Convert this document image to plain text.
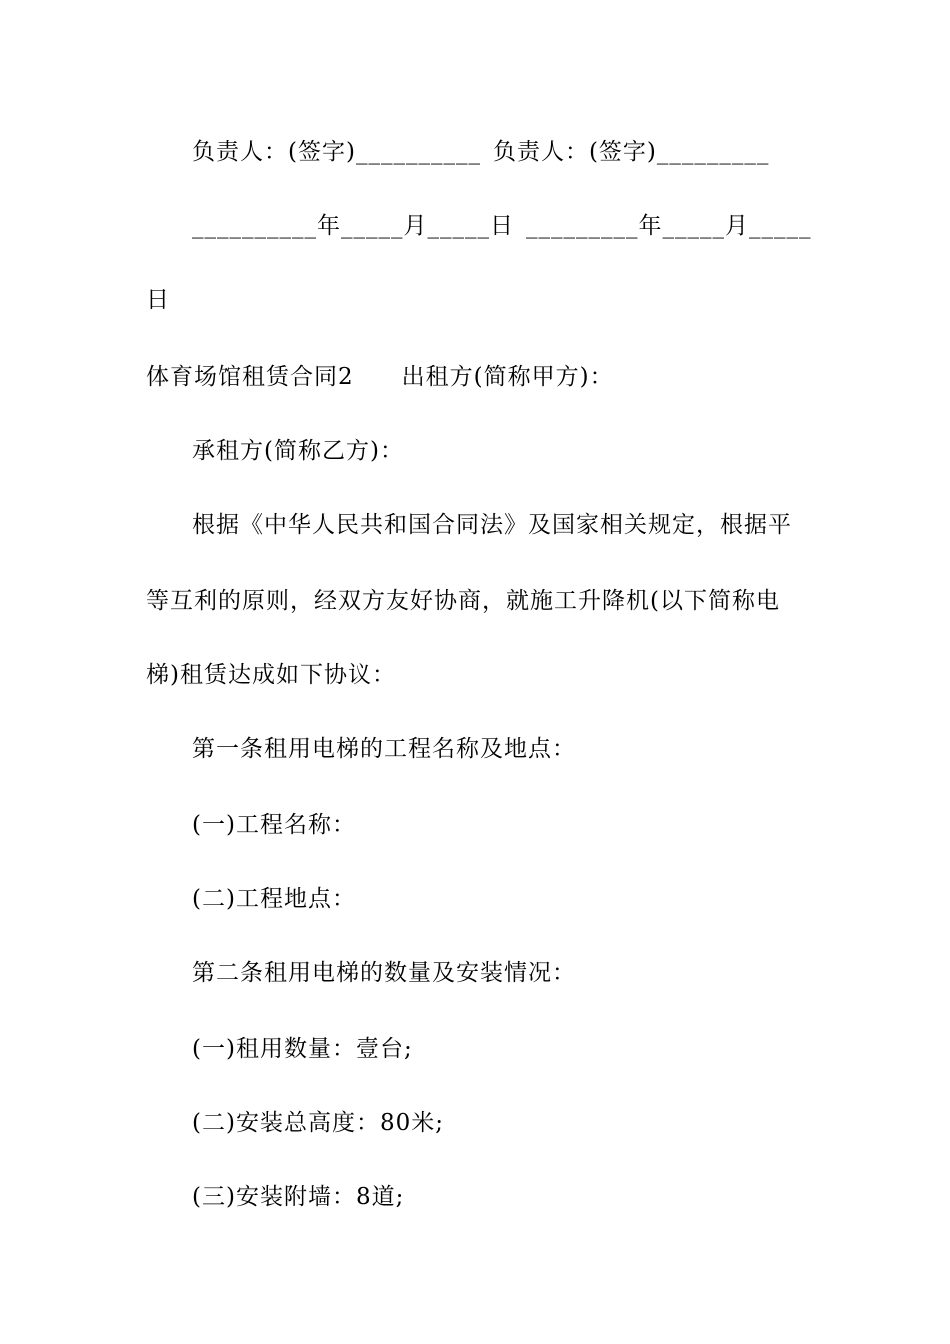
负责人：(签字)__________ 负责人：(签字)_________
__________年_____月_____日 _________年_____月_____
日
体育场馆租赁合同2 出租方(简称甲方)：
承租方(简称乙方)：
根据《中华人民共和国合同法》及国家相关规定，根据平
等互利的原则，经双方友好协商，就施工升降机(以下简称电
梯)租赁达成如下协议：
第一条租用电梯的工程名称及地点：
(一)工程名称：
(二)工程地点：
第二条租用电梯的数量及安装情况：
(一)租用数量：壹台;
(二)安装总高度：80米;
(三)安装附墙：8道;
